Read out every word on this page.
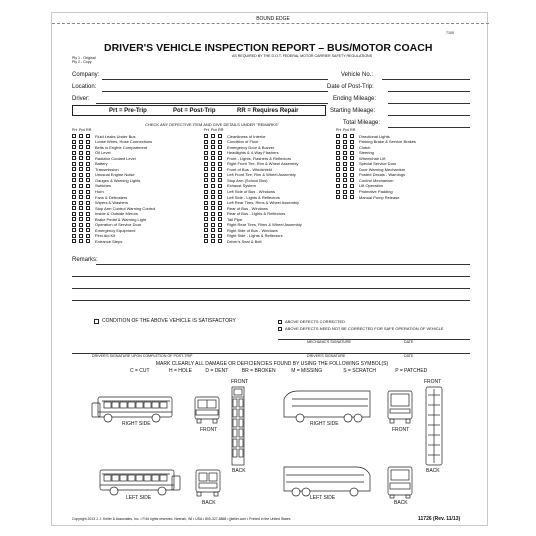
BOUND EDGE
DRIVER'S VEHICLE INSPECTION REPORT – BUS/MOTOR COACH
AS REQUIRED BY THE D.O.T. FEDERAL MOTOR CARRIER SAFETY REGULATIONS
Ply 1 - Original
Ply 2 - Copy
7100
Company:	Vehicle No.:
Location:	Date of Post-Trip:
Driver:	Ending Mileage:
Prt = Pre-Trip	Pot = Post-Trip	RR = Requires Repair	Starting Mileage:
Total Mileage:
CHECK ANY DEFECTIVE ITEM AND GIVE DETAILS UNDER "REMARKS"
Prt Pot RR
Fluid Leaks Under Bus
Loose Wires, Hose Connections
Belts in Engine Compartment
Oil Level
Radiator Coolant Level
Battery
Transmission
Unusual Engine Noise
Gauges & Warning Lights
Switches
Horn
Fans & Defrosters
Wipers & Washers
Stop Arm Control Warning Control
Inside & Outside Mirrors
Brake Pedal & Warning Light
Operation of Service Door
Emergency Equipment
First Aid Kit
Entrance Steps
Prt Pot RR
Cleanliness of Interior
Condition of Floor
Emergency Door & Buzzer
Headlights & 4-Way Flashers
Front - Lights, Flashers & Reflectors
Right Front Tire, Rim & Wheel Assembly
Front of Bus - Windshield
Left Front Tire, Rim & Wheel Assembly
Stop Arm (School Bus)
Exhaust System
Left Side of Bus - Windows
Left Side - Lights & Reflectors
Left Rear Tires, Rims & Wheel Assembly
Rear of Bus - Windows
Rear of Bus - Lights & Reflectors
Tail Pipe
Right Rear Tires, Rims & Wheel Assembly
Right Side of Bus - Windows
Right Side - Lights & Reflectors
Driver's Seat & Belt
Prt Pot RR
Directional Lights
Parking Brake & Service Brakes
Clutch
Steering
Wheelchair Lift
Special Service Door
Door Warning Mechanism
Posted Decals - Warnings
Control Mechanism
Lift Operation
Protective Padding
Manual Pump Release
Remarks:
CONDITION OF THE ABOVE VEHICLE IS SATISFACTORY	ABOVE DEFECTS CORRECTED
ABOVE DEFECTS NEED NOT BE CORRECTED FOR SAFE OPERATION OF VEHICLE
MECHANIC'S SIGNATURE	DATE
DRIVER'S SIGNATURE UPON COMPLETION OF POST-TRIP	DRIVER'S SIGNATURE	DATE
MARK CLEARLY ALL DAMAGE OR DEFICIENCIES FOUND BY USING THE FOLLOWING SYMBOL(S)
C = CUT	H = HOLE	D = DENT	BR = BROKEN	M = MISSING	S = SCRATCH	P = PATCHED
RIGHT SIDE
FRONT
FRONT
RIGHT SIDE
FRONT
FRONT
LEFT SIDE
BACK
BACK
LEFT SIDE
BACK
BACK
Copyright 2013 J. J. Keller & Associates, Inc. • P.46 rights reserved. Neenah, WI • USA • 800-327-6868 • jjkeller.com • Printed in the United States	11726 (Rev. 11/13)
